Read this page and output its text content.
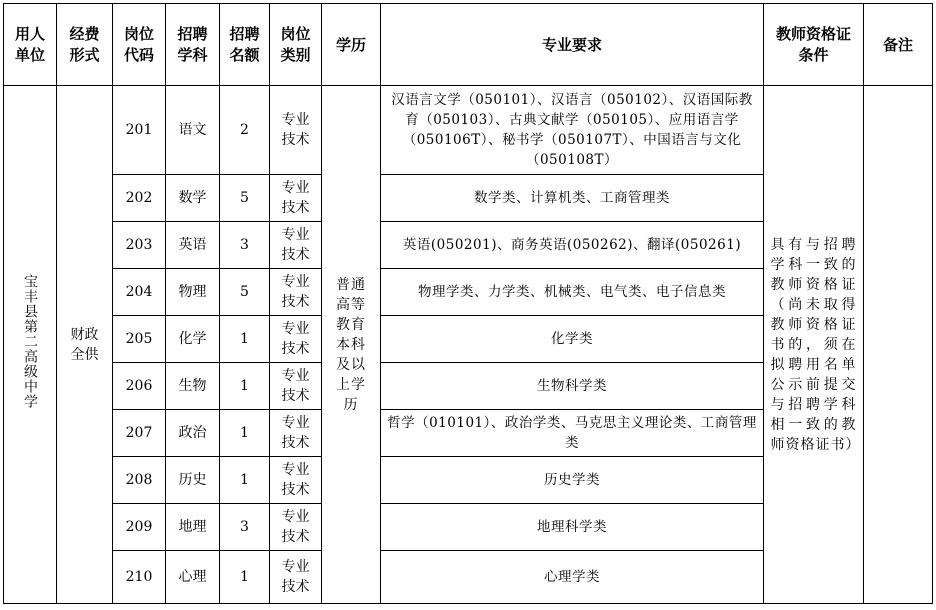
用人单位	经费形式	岗位代码	招聘学科	招聘名额	岗位类别	学历	专业要求	教师资格证条件	备注
宝丰县第二高级中学	财政全供	201	语文	2	专业技术	普通高等教育本科及以上学历	汉语言文学（050101）、汉语言（050102）、汉语国际教育（050103）、古典文献学（050105）、应用语言学（050106T）、秘书学（050107T）、中国语言与文化（050108T）	具有与招聘学科一致的教师资格证（尚未取得教师资格证书的，须在拟聘用名单公示前提交与招聘学科相一致的教师资格证书）	
		202	数学	5	专业技术		数学类、计算机类、工商管理类		
		203	英语	3	专业技术		英语(050201)、商务英语(050262)、翻译(050261)		
		204	物理	5	专业技术		物理学类、力学类、机械类、电气类、电子信息类		
		205	化学	1	专业技术		化学类		
		206	生物	1	专业技术		生物科学类		
		207	政治	1	专业技术		哲学（010101）、政治学类、马克思主义理论类、工商管理类		
		208	历史	1	专业技术		历史学类		
		209	地理	3	专业技术		地理科学类		
		210	心理	1	专业技术		心理学类		
